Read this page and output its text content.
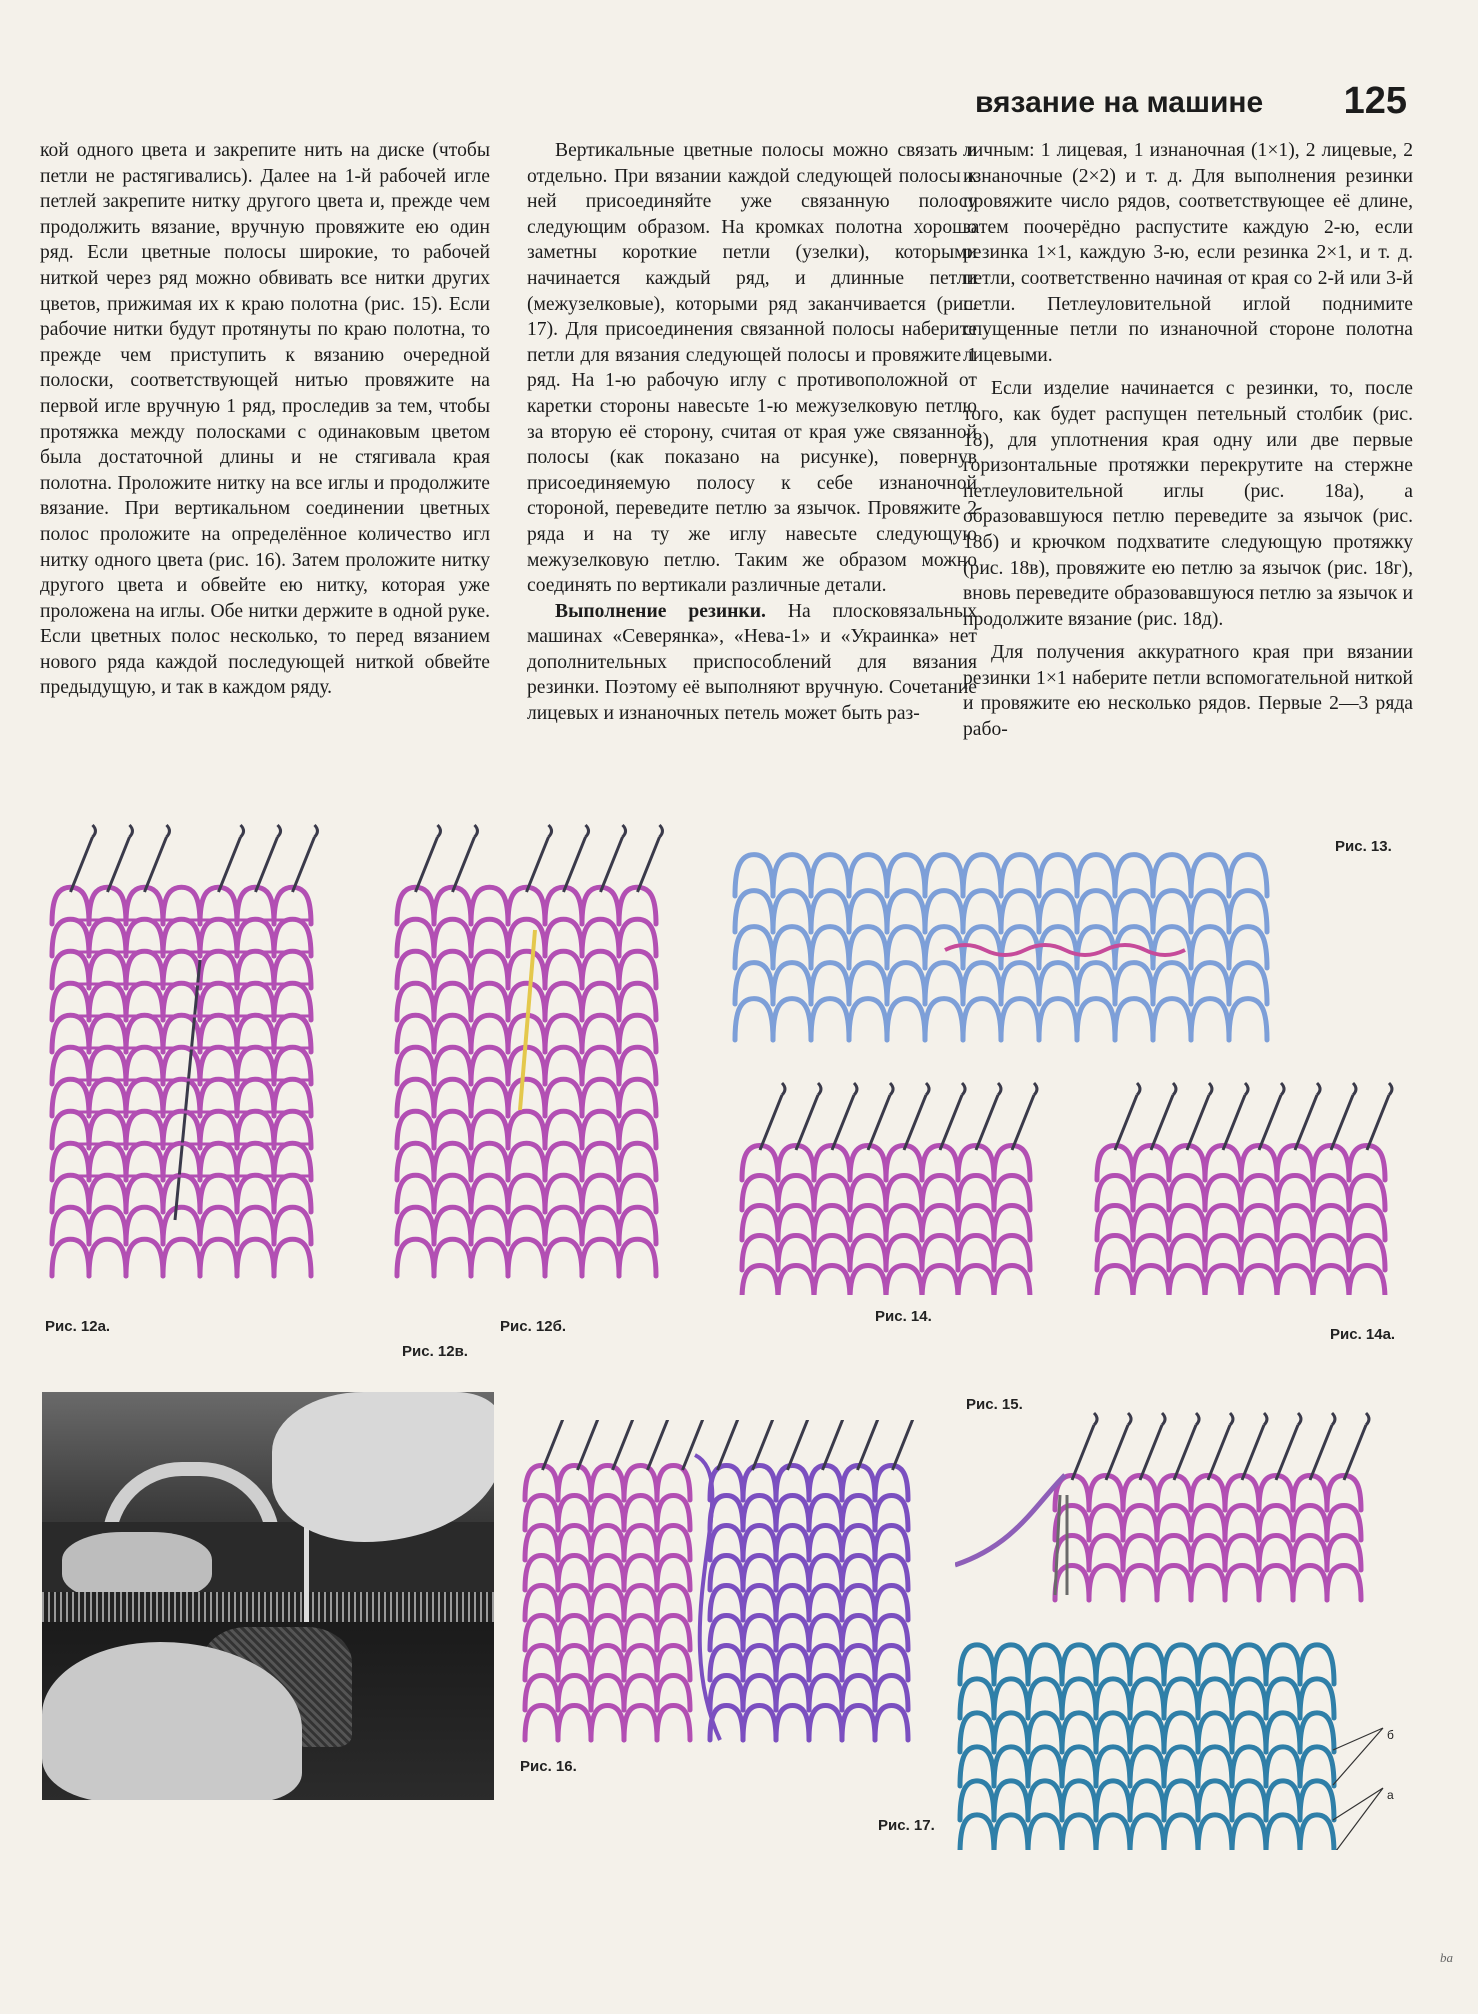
вязание на машине 125

кой одного цвета и закрепите нить на диске (чтобы петли не растягивались). Далее на 1-й рабочей игле петлей закрепите нитку другого цвета и, прежде чем продолжить вязание, вручную провяжите ею один ряд. Если цветные полосы широкие, то рабочей ниткой через ряд можно обвивать все нитки других цветов, прижимая их к краю полотна (рис. 15). Если рабочие нитки будут протянуты по краю полотна, то прежде чем приступить к вязанию очередной полоски, соответствующей нитью провяжите на первой игле вручную 1 ряд, проследив за тем, чтобы протяжка между полосками с одинаковым цветом была достаточной длины и не стягивала края полотна. Проложите нитку на все иглы и продолжите вязание. При вертикальном соединении цветных полос проложите на определённое количество игл нитку одного цвета (рис. 16). Затем проложите нитку другого цвета и обвейте ею нитку, которая уже проложена на иглы. Обе нитки держите в одной руке. Если цветных полос несколько, то перед вязанием нового ряда каждой последующей ниткой обвейте предыдущую, и так в каждом ряду.

Вертикальные цветные полосы можно связать и отдельно. При вязании каждой следующей полосы к ней присоединяйте уже связанную полосу следующим образом. На кромках полотна хорошо заметны короткие петли (узелки), которыми начинается каждый ряд, и длинные петли (межузелковые), которыми ряд заканчивается (рис. 17). Для присоединения связанной полосы наберите петли для вязания следующей полосы и провяжите 1 ряд. На 1-ю рабочую иглу с противоположной от каретки стороны навесьте 1-ю межузелковую петлю за вторую её сторону, считая от края уже связанной полосы (как показано на рисунке), повернув присоединяемую полосу к себе изнаночной стороной, переведите петлю за язычок. Провяжите 2 ряда и на ту же иглу навесьте следующую межузелковую петлю. Таким же образом можно соединять по вертикали различные детали.

Выполнение резинки. На плосковязальных машинах «Северянка», «Нева-1» и «Украинка» нет дополнительных приспособлений для вязания резинки. Поэтому её выполняют вручную. Сочетание лицевых и изнаночных петель может быть раз-

личным: 1 лицевая, 1 изнаночная (1×1), 2 лицевые, 2 изнаночные (2×2) и т. д. Для выполнения резинки провяжите число рядов, соответствующее её длине, затем поочерёдно распустите каждую 2-ю, если резинка 1×1, каждую 3-ю, если резинка 2×1, и т. д. петли, соответственно начиная от края со 2-й или 3-й петли. Петлеуловительной иглой поднимите спущенные петли по изнаночной стороне полотна лицевыми.

Если изделие начинается с резинки, то, после того, как будет распущен петельный столбик (рис. 18), для уплотнения края одну или две первые горизонтальные протяжки перекрутите на стержне петлеуловительной иглы (рис. 18а), а образовавшуюся петлю переведите за язычок (рис. 18б) и крючком подхватите следующую протяжку (рис. 18в), провяжите ею петлю за язычок (рис. 18г), вновь переведите образовавшуюся петлю за язычок и продолжите вязание (рис. 18д).

Для получения аккуратного края при вязании резинки 1×1 наберите петли вспомогательной ниткой и провяжите ею несколько рядов. Первые 2—3 ряда рабо-

Рис. 12а.	Рис. 12б.
Рис. 12в.
Рис. 13.
Рис. 14.
Рис. 14а.
Рис. 15.
Рис. 16.
Рис. 17.
б
а
ba
